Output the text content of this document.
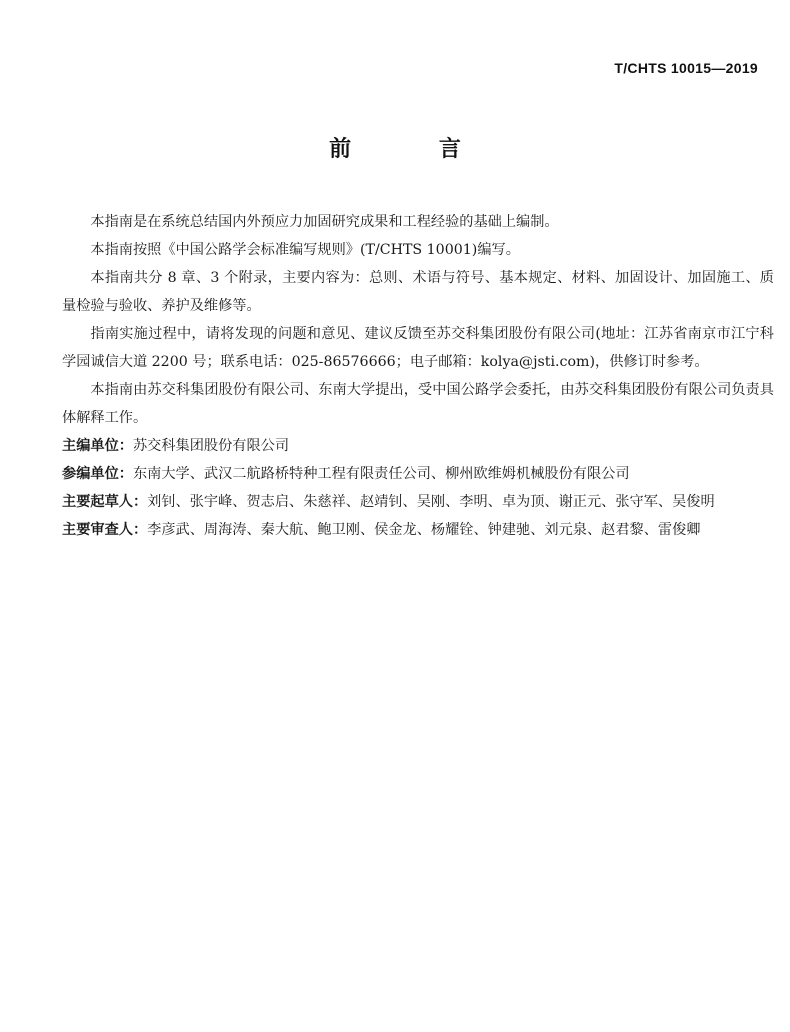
T/CHTS 10015—2019
前 言

本指南是在系统总结国内外预应力加固研究成果和工程经验的基础上编制。

本指南按照《中国公路学会标准编写规则》(T/CHTS 10001)编写。

本指南共分 8 章、3 个附录，主要内容为：总则、术语与符号、基本规定、材料、加固设计、加固施工、质量检验与验收、养护及维修等。

指南实施过程中，请将发现的问题和意见、建议反馈至苏交科集团股份有限公司(地址：江苏省南京市江宁科学园诚信大道 2200 号；联系电话：025-86576666；电子邮箱：kolya@jsti.com)，供修订时参考。

本指南由苏交科集团股份有限公司、东南大学提出，受中国公路学会委托，由苏交科集团股份有限公司负责具体解释工作。

主编单位：苏交科集团股份有限公司

参编单位：东南大学、武汉二航路桥特种工程有限责任公司、柳州欧维姆机械股份有限公司

主要起草人：刘钊、张宇峰、贺志启、朱慈祥、赵靖钊、吴刚、李明、卓为顶、谢正元、张守军、吴俊明

主要审查人：李彦武、周海涛、秦大航、鲍卫刚、侯金龙、杨耀铨、钟建驰、刘元泉、赵君黎、雷俊卿
